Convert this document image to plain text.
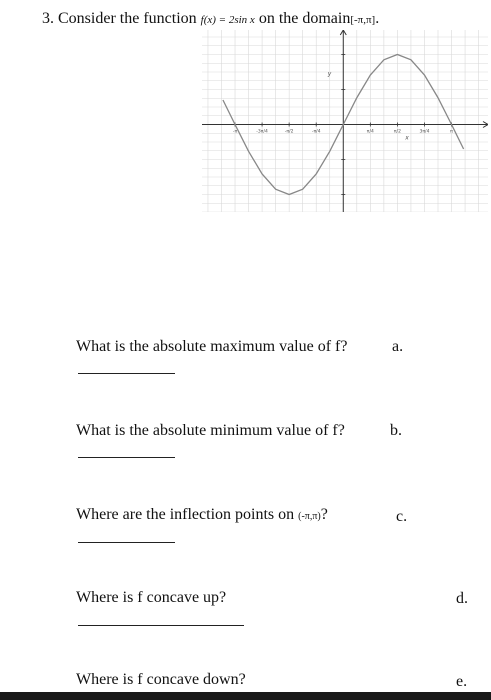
3. Consider the function f(x) = 2sin x on the domain[-π,π].
-π	-3π/4	-π/2	-π/4	π/4	π/2	3π/4	π
y
x
What is the absolute maximum value of f?	a.
What is the absolute minimum value of f?	b.
Where are the inflection points on (-π,π)?	c.
Where is f concave up?	d.
Where is f concave down?	e.
